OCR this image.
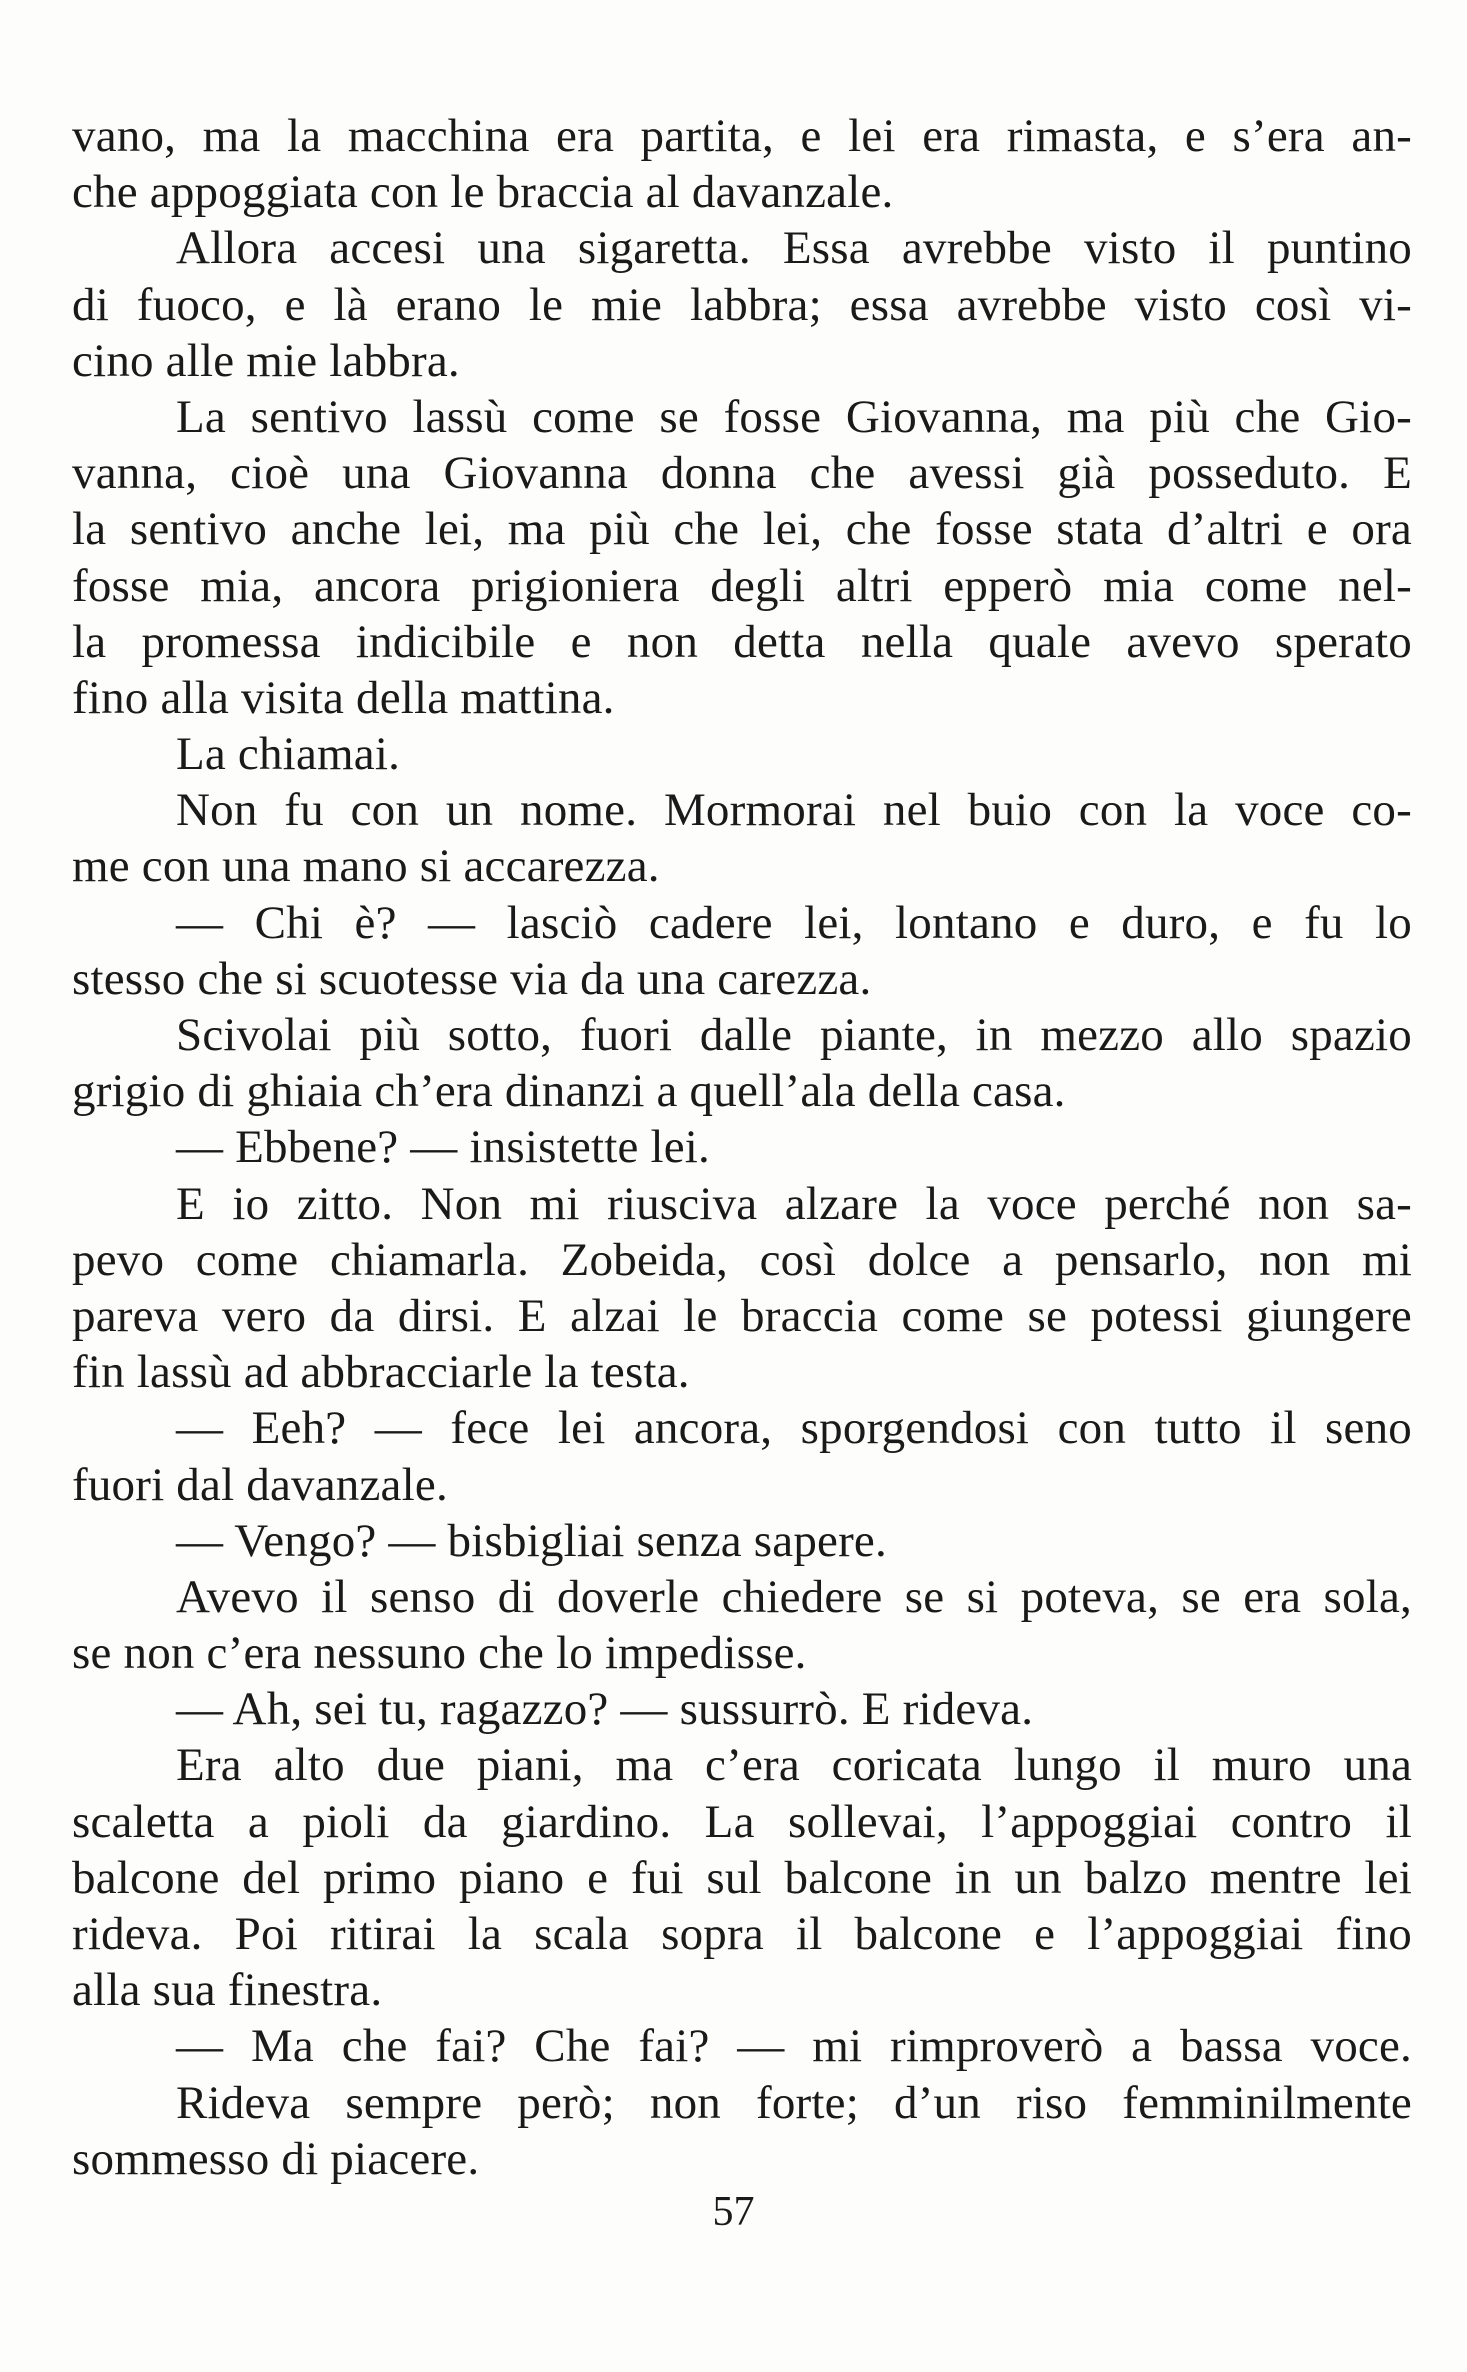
vano, ma la macchina era partita, e lei era rimasta, e s’era an-
che appoggiata con le braccia al davanzale.
Allora accesi una sigaretta. Essa avrebbe visto il puntino
di fuoco, e là erano le mie labbra; essa avrebbe visto così vi-
cino alle mie labbra.
La sentivo lassù come se fosse Giovanna, ma più che Gio-
vanna, cioè una Giovanna donna che avessi già posseduto. E
la sentivo anche lei, ma più che lei, che fosse stata d’altri e ora
fosse mia, ancora prigioniera degli altri epperò mia come nel-
la promessa indicibile e non detta nella quale avevo sperato
fino alla visita della mattina.
La chiamai.
Non fu con un nome. Mormorai nel buio con la voce co-
me con una mano si accarezza.
— Chi è? — lasciò cadere lei, lontano e duro, e fu lo
stesso che si scuotesse via da una carezza.
Scivolai più sotto, fuori dalle piante, in mezzo allo spazio
grigio di ghiaia ch’era dinanzi a quell’ala della casa.
— Ebbene? — insistette lei.
E io zitto. Non mi riusciva alzare la voce perché non sa-
pevo come chiamarla. Zobeida, così dolce a pensarlo, non mi
pareva vero da dirsi. E alzai le braccia come se potessi giungere
fin lassù ad abbracciarle la testa.
— Eeh? — fece lei ancora, sporgendosi con tutto il seno
fuori dal davanzale.
— Vengo? — bisbigliai senza sapere.
Avevo il senso di doverle chiedere se si poteva, se era sola,
se non c’era nessuno che lo impedisse.
— Ah, sei tu, ragazzo? — sussurrò. E rideva.
Era alto due piani, ma c’era coricata lungo il muro una
scaletta a pioli da giardino. La sollevai, l’appoggiai contro il
balcone del primo piano e fui sul balcone in un balzo mentre lei
rideva. Poi ritirai la scala sopra il balcone e l’appoggiai fino
alla sua finestra.
— Ma che fai? Che fai? — mi rimproverò a bassa voce.
Rideva sempre però; non forte; d’un riso femminilmente
sommesso di piacere.
57
